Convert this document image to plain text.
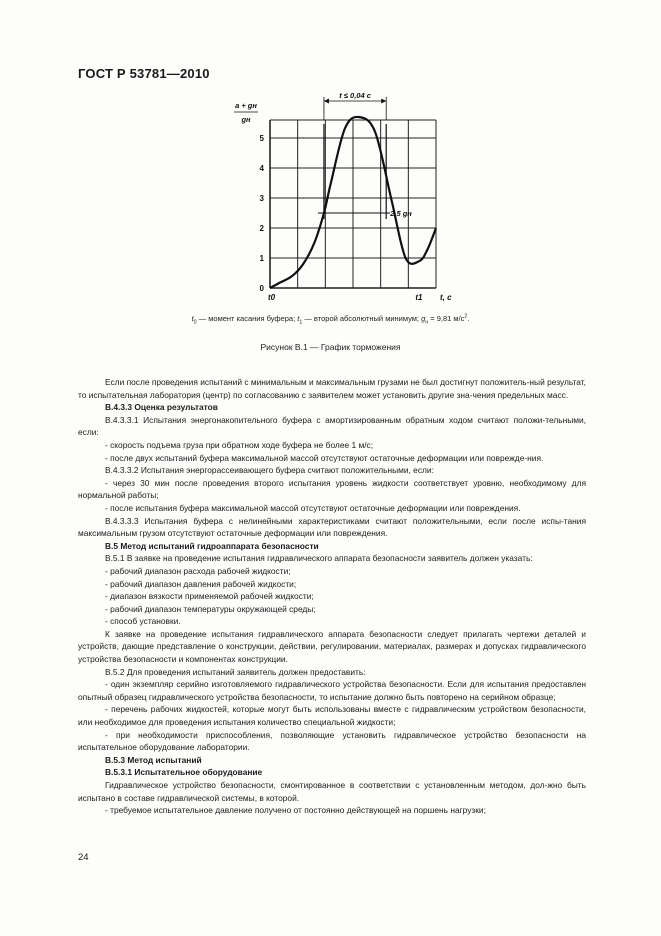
ГОСТ Р 53781—2010
0
1
2
3
4
5
a + gн
gн
t, c
t0	t1
t ≤ 0,04 c
2,5 gн
$t_0$ — момент касания буфера; $t_1$ — второй абсолютный минимум; $g_н = 9,81$ $м/с^2$.
Рисунок В.1 — График торможения

Если после проведения испытаний с минимальным и максимальным грузами не был достигнут положитель-ный результат, то испытательная лаборатория (центр) по согласованию с заявителем может установить другие зна-чения предельных масс.

В.4.3.3 Оценка результатов

В.4.3.3.1 Испытания энергонакопительного буфера с амортизированным обратным ходом считают положи-тельными, если:

- скорость подъема груза при обратном ходе буфера не более 1 м/с;

- после двух испытаний буфера максимальной массой отсутствуют остаточные деформации или поврежде-ния.

В.4.3.3.2 Испытания энергорассеивающего буфера считают положительными, если:

- через 30 мин после проведения второго испытания уровень жидкости соответствует уровню, необходимому для нормальной работы;

- после испытания буфера максимальной массой отсутствуют остаточные деформации или повреждения.

В.4.3.3.3 Испытания буфера с нелинейными характеристиками считают положительными, если после испы-тания максимальным грузом отсутствуют остаточные деформации или повреждения.

В.5 Метод испытаний гидроаппарата безопасности

В.5.1 В заявке на проведение испытания гидравлического аппарата безопасности заявитель должен указать:

- рабочий диапазон расхода рабочей жидкости;

- рабочий диапазон давления рабочей жидкости;

- диапазон вязкости применяемой рабочей жидкости;

- рабочий диапазон температуры окружающей среды;

- способ установки.

К заявке на проведение испытания гидравлического аппарата безопасности следует прилагать чертежи деталей и устройств, дающие представление о конструкции, действии, регулировании, материалах, размерах и допусках гидравлического устройства безопасности и компонентах конструкции.

В.5.2 Для проведения испытаний заявитель должен предоставить:

- один экземпляр серийно изготовляемого гидравлического устройства безопасности. Если для испытания предоставлен опытный образец гидравлического устройства безопасности, то испытание должно быть повторено на серийном образце;

- перечень рабочих жидкостей, которые могут быть использованы вместе с гидравлическим устройством безопасности, или необходимое для проведения испытания количество специальной жидкости;

- при необходимости приспособления, позволяющие установить гидравлическое устройство безопасности на испытательное оборудование лаборатории.

В.5.3 Метод испытаний

В.5.3.1 Испытательное оборудование

Гидравлическое устройство безопасности, смонтированное в соответствии с установленным методом, дол-жно быть испытано в составе гидравлической системы, в которой.

- требуемое испытательное давление получено от постоянно действующей на поршень нагрузки;

24
